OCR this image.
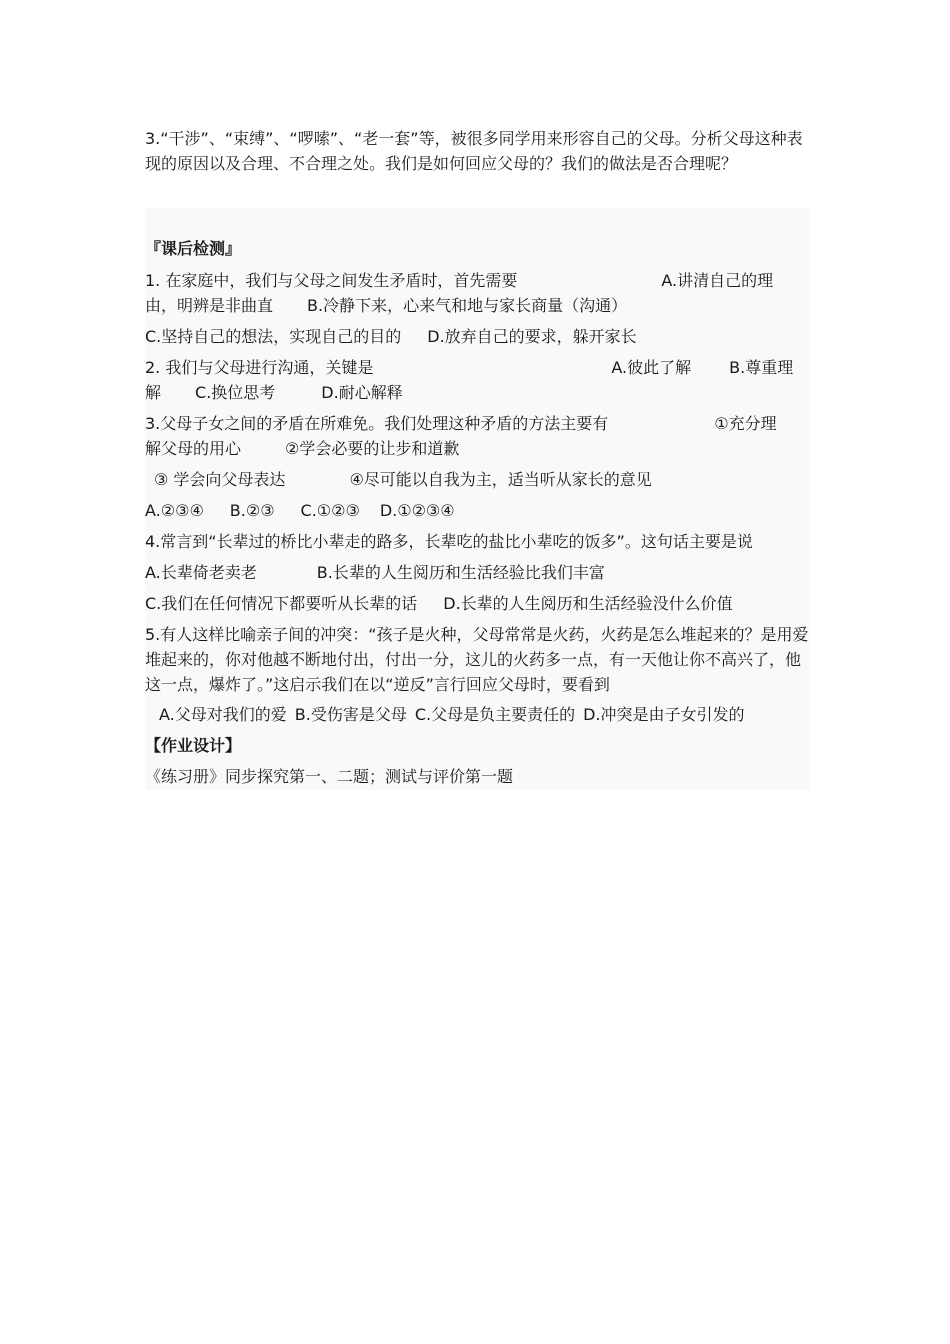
3.“干涉”、“束缚”、“啰嗦”、“老一套”等，被很多同学用来形容自己的父母。分析父母这种表现的原因以及合理、不合理之处。我们是如何回应父母的？我们的做法是否合理呢？
『课后检测』
1. 在家庭中，我们与父母之间发生矛盾时，首先需要	A.讲清自己的理
由，明辨是非曲直 B.冷静下来，心来气和地与家长商量（沟通）
C.坚持自己的想法，实现自己的目的 D.放弃自己的要求，躲开家长
2. 我们与父母进行沟通，关键是	A.彼此了解 B.尊重理
解 C.换位思考	D.耐心解释
3.父母子女之间的矛盾在所难免。我们处理这种矛盾的方法主要有	①充分理
解父母的用心	②学会必要的让步和道歉
③ 学会向父母表达	④尽可能以自我为主，适当听从家长的意见
A.②③④ B.②③ C.①②③ D.①②③④
4.常言到“长辈过的桥比小辈走的路多，长辈吃的盐比小辈吃的饭多”。这句话主要是说
A.长辈倚老卖老	B.长辈的人生阅历和生活经验比我们丰富
C.我们在任何情况下都要听从长辈的话 D.长辈的人生阅历和生活经验没什么价值
5.有人这样比喻亲子间的冲突：“孩子是火种，父母常常是火药，火药是怎么堆起来的？是用爱堆起来的，你对他越不断地付出，付出一分，这儿的火药多一点，有一天他让你不高兴了，他这一点，爆炸了。”这启示我们在以“逆反”言行回应父母时，要看到
A.父母对我们的爱 B.受伤害是父母 C.父母是负主要责任的 D.冲突是由子女引发的
【作业设计】
《练习册》同步探究第一、二题；测试与评价第一题
